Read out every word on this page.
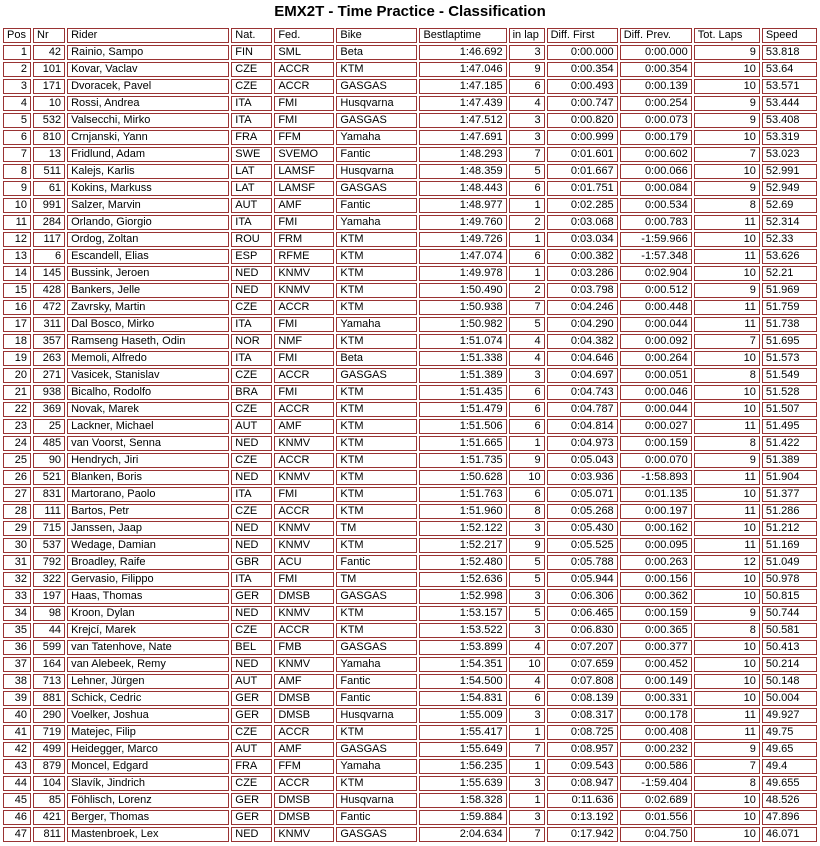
EMX2T - Time Practice - Classification
Pos	Nr	Rider	Nat.	Fed.	Bike	Bestlaptime	in lap	Diff. First	Diff. Prev.	Tot. Laps	Speed
1	42	Rainio, Sampo	FIN	SML	Beta	1:46.692	3	0:00.000	0:00.000	9	53.818
2	101	Kovar, Vaclav	CZE	ACCR	KTM	1:47.046	9	0:00.354	0:00.354	10	53.64
3	171	Dvoracek, Pavel	CZE	ACCR	GASGAS	1:47.185	6	0:00.493	0:00.139	10	53.571
4	10	Rossi, Andrea	ITA	FMI	Husqvarna	1:47.439	4	0:00.747	0:00.254	9	53.444
5	532	Valsecchi, Mirko	ITA	FMI	GASGAS	1:47.512	3	0:00.820	0:00.073	9	53.408
6	810	Crnjanski, Yann	FRA	FFM	Yamaha	1:47.691	3	0:00.999	0:00.179	10	53.319
7	13	Fridlund, Adam	SWE	SVEMO	Fantic	1:48.293	7	0:01.601	0:00.602	7	53.023
8	511	Kalejs, Karlis	LAT	LAMSF	Husqvarna	1:48.359	5	0:01.667	0:00.066	10	52.991
9	61	Kokins, Markuss	LAT	LAMSF	GASGAS	1:48.443	6	0:01.751	0:00.084	9	52.949
10	991	Salzer, Marvin	AUT	AMF	Fantic	1:48.977	1	0:02.285	0:00.534	8	52.69
11	284	Orlando, Giorgio	ITA	FMI	Yamaha	1:49.760	2	0:03.068	0:00.783	11	52.314
12	117	Ordog, Zoltan	ROU	FRM	KTM	1:49.726	1	0:03.034	-1:59.966	10	52.33
13	6	Escandell, Elias	ESP	RFME	KTM	1:47.074	6	0:00.382	-1:57.348	11	53.626
14	145	Bussink, Jeroen	NED	KNMV	KTM	1:49.978	1	0:03.286	0:02.904	10	52.21
15	428	Bankers, Jelle	NED	KNMV	KTM	1:50.490	2	0:03.798	0:00.512	9	51.969
16	472	Zavrsky, Martin	CZE	ACCR	KTM	1:50.938	7	0:04.246	0:00.448	11	51.759
17	311	Dal Bosco, Mirko	ITA	FMI	Yamaha	1:50.982	5	0:04.290	0:00.044	11	51.738
18	357	Ramseng Haseth, Odin	NOR	NMF	KTM	1:51.074	4	0:04.382	0:00.092	7	51.695
19	263	Memoli, Alfredo	ITA	FMI	Beta	1:51.338	4	0:04.646	0:00.264	10	51.573
20	271	Vasicek, Stanislav	CZE	ACCR	GASGAS	1:51.389	3	0:04.697	0:00.051	8	51.549
21	938	Bicalho, Rodolfo	BRA	FMI	KTM	1:51.435	6	0:04.743	0:00.046	10	51.528
22	369	Novak, Marek	CZE	ACCR	KTM	1:51.479	6	0:04.787	0:00.044	10	51.507
23	25	Lackner, Michael	AUT	AMF	KTM	1:51.506	6	0:04.814	0:00.027	11	51.495
24	485	van Voorst, Senna	NED	KNMV	KTM	1:51.665	1	0:04.973	0:00.159	8	51.422
25	90	Hendrych, Jiri	CZE	ACCR	KTM	1:51.735	9	0:05.043	0:00.070	9	51.389
26	521	Blanken, Boris	NED	KNMV	KTM	1:50.628	10	0:03.936	-1:58.893	11	51.904
27	831	Martorano, Paolo	ITA	FMI	KTM	1:51.763	6	0:05.071	0:01.135	10	51.377
28	111	Bartos, Petr	CZE	ACCR	KTM	1:51.960	8	0:05.268	0:00.197	11	51.286
29	715	Janssen, Jaap	NED	KNMV	TM	1:52.122	3	0:05.430	0:00.162	10	51.212
30	537	Wedage, Damian	NED	KNMV	KTM	1:52.217	9	0:05.525	0:00.095	11	51.169
31	792	Broadley, Raife	GBR	ACU	Fantic	1:52.480	5	0:05.788	0:00.263	12	51.049
32	322	Gervasio, Filippo	ITA	FMI	TM	1:52.636	5	0:05.944	0:00.156	10	50.978
33	197	Haas, Thomas	GER	DMSB	GASGAS	1:52.998	3	0:06.306	0:00.362	10	50.815
34	98	Kroon, Dylan	NED	KNMV	KTM	1:53.157	5	0:06.465	0:00.159	9	50.744
35	44	Krejcí, Marek	CZE	ACCR	KTM	1:53.522	3	0:06.830	0:00.365	8	50.581
36	599	van Tatenhove, Nate	BEL	FMB	GASGAS	1:53.899	4	0:07.207	0:00.377	10	50.413
37	164	van Alebeek, Remy	NED	KNMV	Yamaha	1:54.351	10	0:07.659	0:00.452	10	50.214
38	713	Lehner, Jürgen	AUT	AMF	Fantic	1:54.500	4	0:07.808	0:00.149	10	50.148
39	881	Schick, Cedric	GER	DMSB	Fantic	1:54.831	6	0:08.139	0:00.331	10	50.004
40	290	Voelker, Joshua	GER	DMSB	Husqvarna	1:55.009	3	0:08.317	0:00.178	11	49.927
41	719	Matejec, Filip	CZE	ACCR	KTM	1:55.417	1	0:08.725	0:00.408	11	49.75
42	499	Heidegger, Marco	AUT	AMF	GASGAS	1:55.649	7	0:08.957	0:00.232	9	49.65
43	879	Moncel, Edgard	FRA	FFM	Yamaha	1:56.235	1	0:09.543	0:00.586	7	49.4
44	104	Slavík, Jindrich	CZE	ACCR	KTM	1:55.639	3	0:08.947	-1:59.404	8	49.655
45	85	Föhlisch, Lorenz	GER	DMSB	Husqvarna	1:58.328	1	0:11.636	0:02.689	10	48.526
46	421	Berger, Thomas	GER	DMSB	Fantic	1:59.884	3	0:13.192	0:01.556	10	47.896
47	811	Mastenbroek, Lex	NED	KNMV	GASGAS	2:04.634	7	0:17.942	0:04.750	10	46.071
